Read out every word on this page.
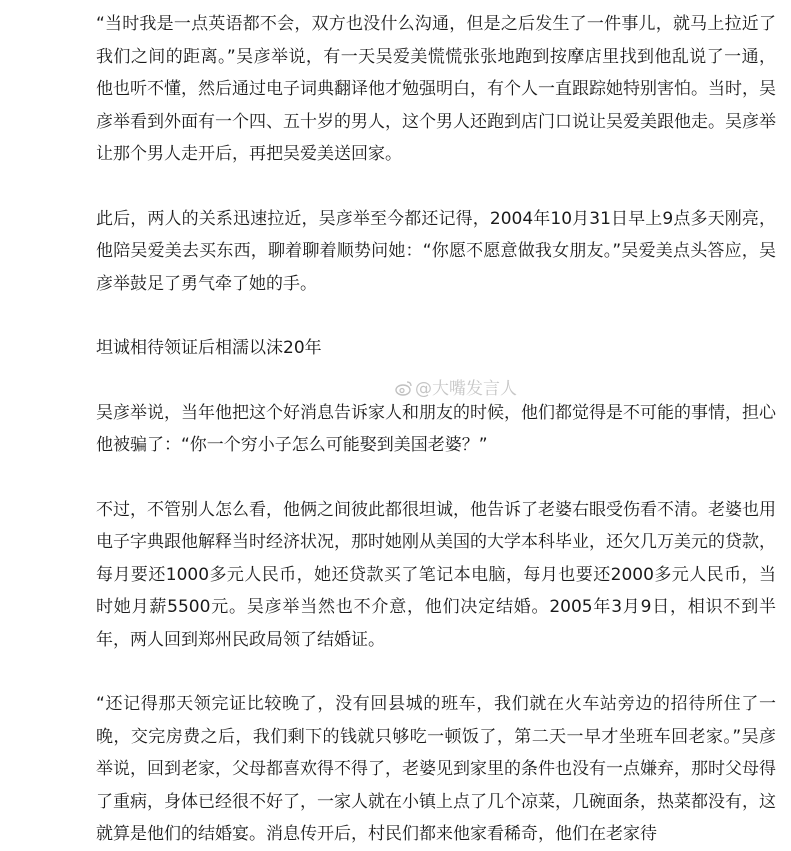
“当时我是一点英语都不会，双方也没什么沟通，但是之后发生了一件事儿，就马上拉近了我们之间的距离。”吴彦举说，有一天吴爱美慌慌张张地跑到按摩店里找到他乱说了一通，他也听不懂，然后通过电子词典翻译他才勉强明白，有个人一直跟踪她特别害怕。当时，吴彦举看到外面有一个四、五十岁的男人，这个男人还跑到店门口说让吴爱美跟他走。吴彦举让那个男人走开后，再把吴爱美送回家。

此后，两人的关系迅速拉近，吴彦举至今都还记得，2004年10月31日早上9点多天刚亮，他陪吴爱美去买东西，聊着聊着顺势问她：“你愿不愿意做我女朋友。”吴爱美点头答应，吴彦举鼓足了勇气牵了她的手。

坦诚相待领证后相濡以沫20年

吴彦举说，当年他把这个好消息告诉家人和朋友的时候，他们都觉得是不可能的事情，担心他被骗了：“你一个穷小子怎么可能娶到美国老婆？”

不过，不管别人怎么看，他俩之间彼此都很坦诚，他告诉了老婆右眼受伤看不清。老婆也用电子字典跟他解释当时经济状况，那时她刚从美国的大学本科毕业，还欠几万美元的贷款，每月要还1000多元人民币，她还贷款买了笔记本电脑，每月也要还2000多元人民币，当时她月薪5500元。吴彦举当然也不介意，他们决定结婚。2005年3月9日，相识不到半年，两人回到郑州民政局领了结婚证。

“还记得那天领完证比较晚了，没有回县城的班车，我们就在火车站旁边的招待所住了一晚，交完房费之后，我们剩下的钱就只够吃一顿饭了，第二天一早才坐班车回老家。”吴彦举说，回到老家，父母都喜欢得不得了，老婆见到家里的条件也没有一点嫌弃，那时父母得了重病，身体已经很不好了，一家人就在小镇上点了几个凉菜，几碗面条，热菜都没有，这就算是他们的结婚宴。消息传开后，村民们都来他家看稀奇，他们在老家待

@大嘴发言人
